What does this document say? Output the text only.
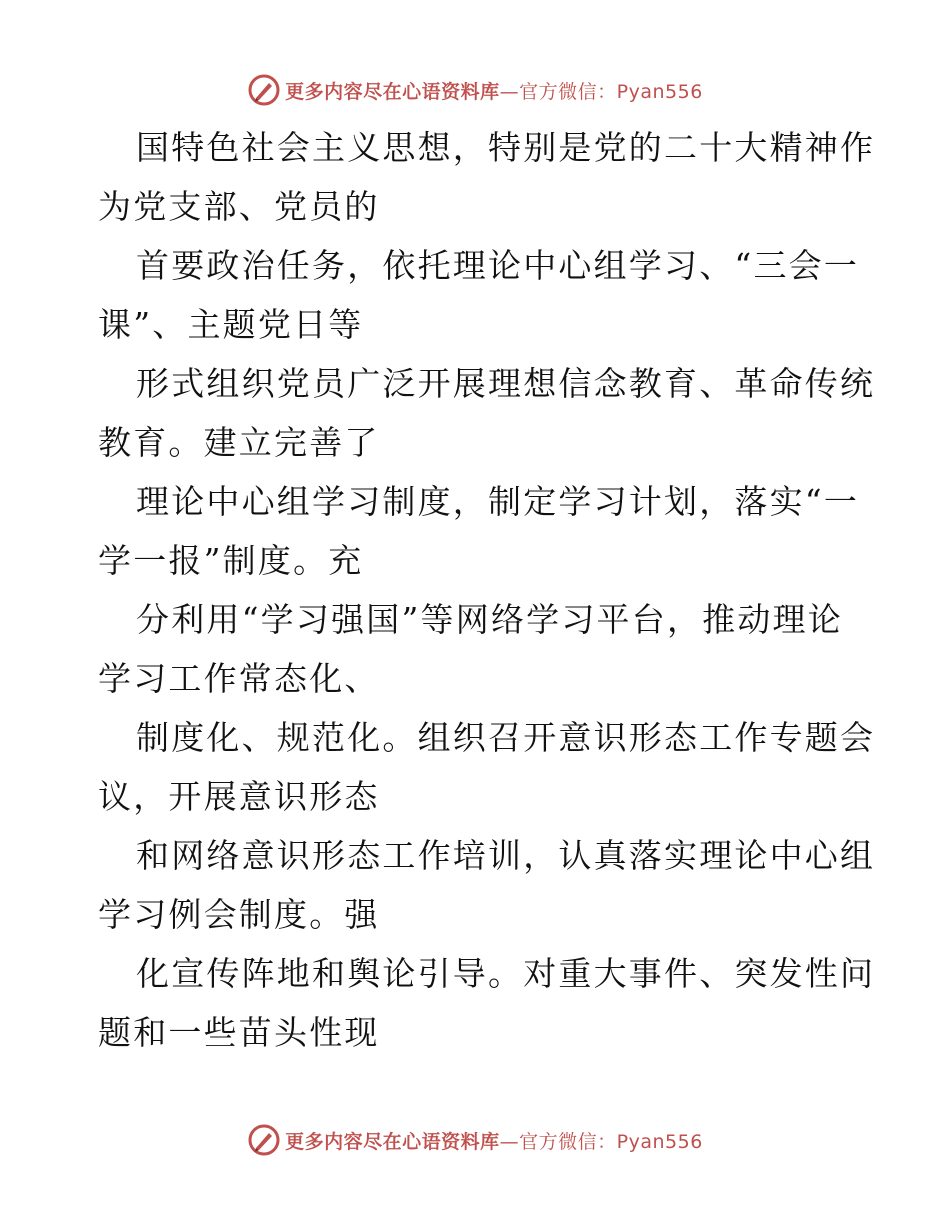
更多内容尽在心语资料库—官方微信：Pyan556
国特色社会主义思想，特别是党的二十大精神作
为党支部、党员的
首要政治任务，依托理论中心组学习、“三会一
课”、主题党日等
形式组织党员广泛开展理想信念教育、革命传统
教育。建立完善了
理论中心组学习制度，制定学习计划，落实“一
学一报”制度。充
分利用“学习强国”等网络学习平台，推动理论
学习工作常态化、
制度化、规范化。组织召开意识形态工作专题会
议，开展意识形态
和网络意识形态工作培训，认真落实理论中心组
学习例会制度。强
化宣传阵地和舆论引导。对重大事件、突发性问
题和一些苗头性现
更多内容尽在心语资料库—官方微信：Pyan556
